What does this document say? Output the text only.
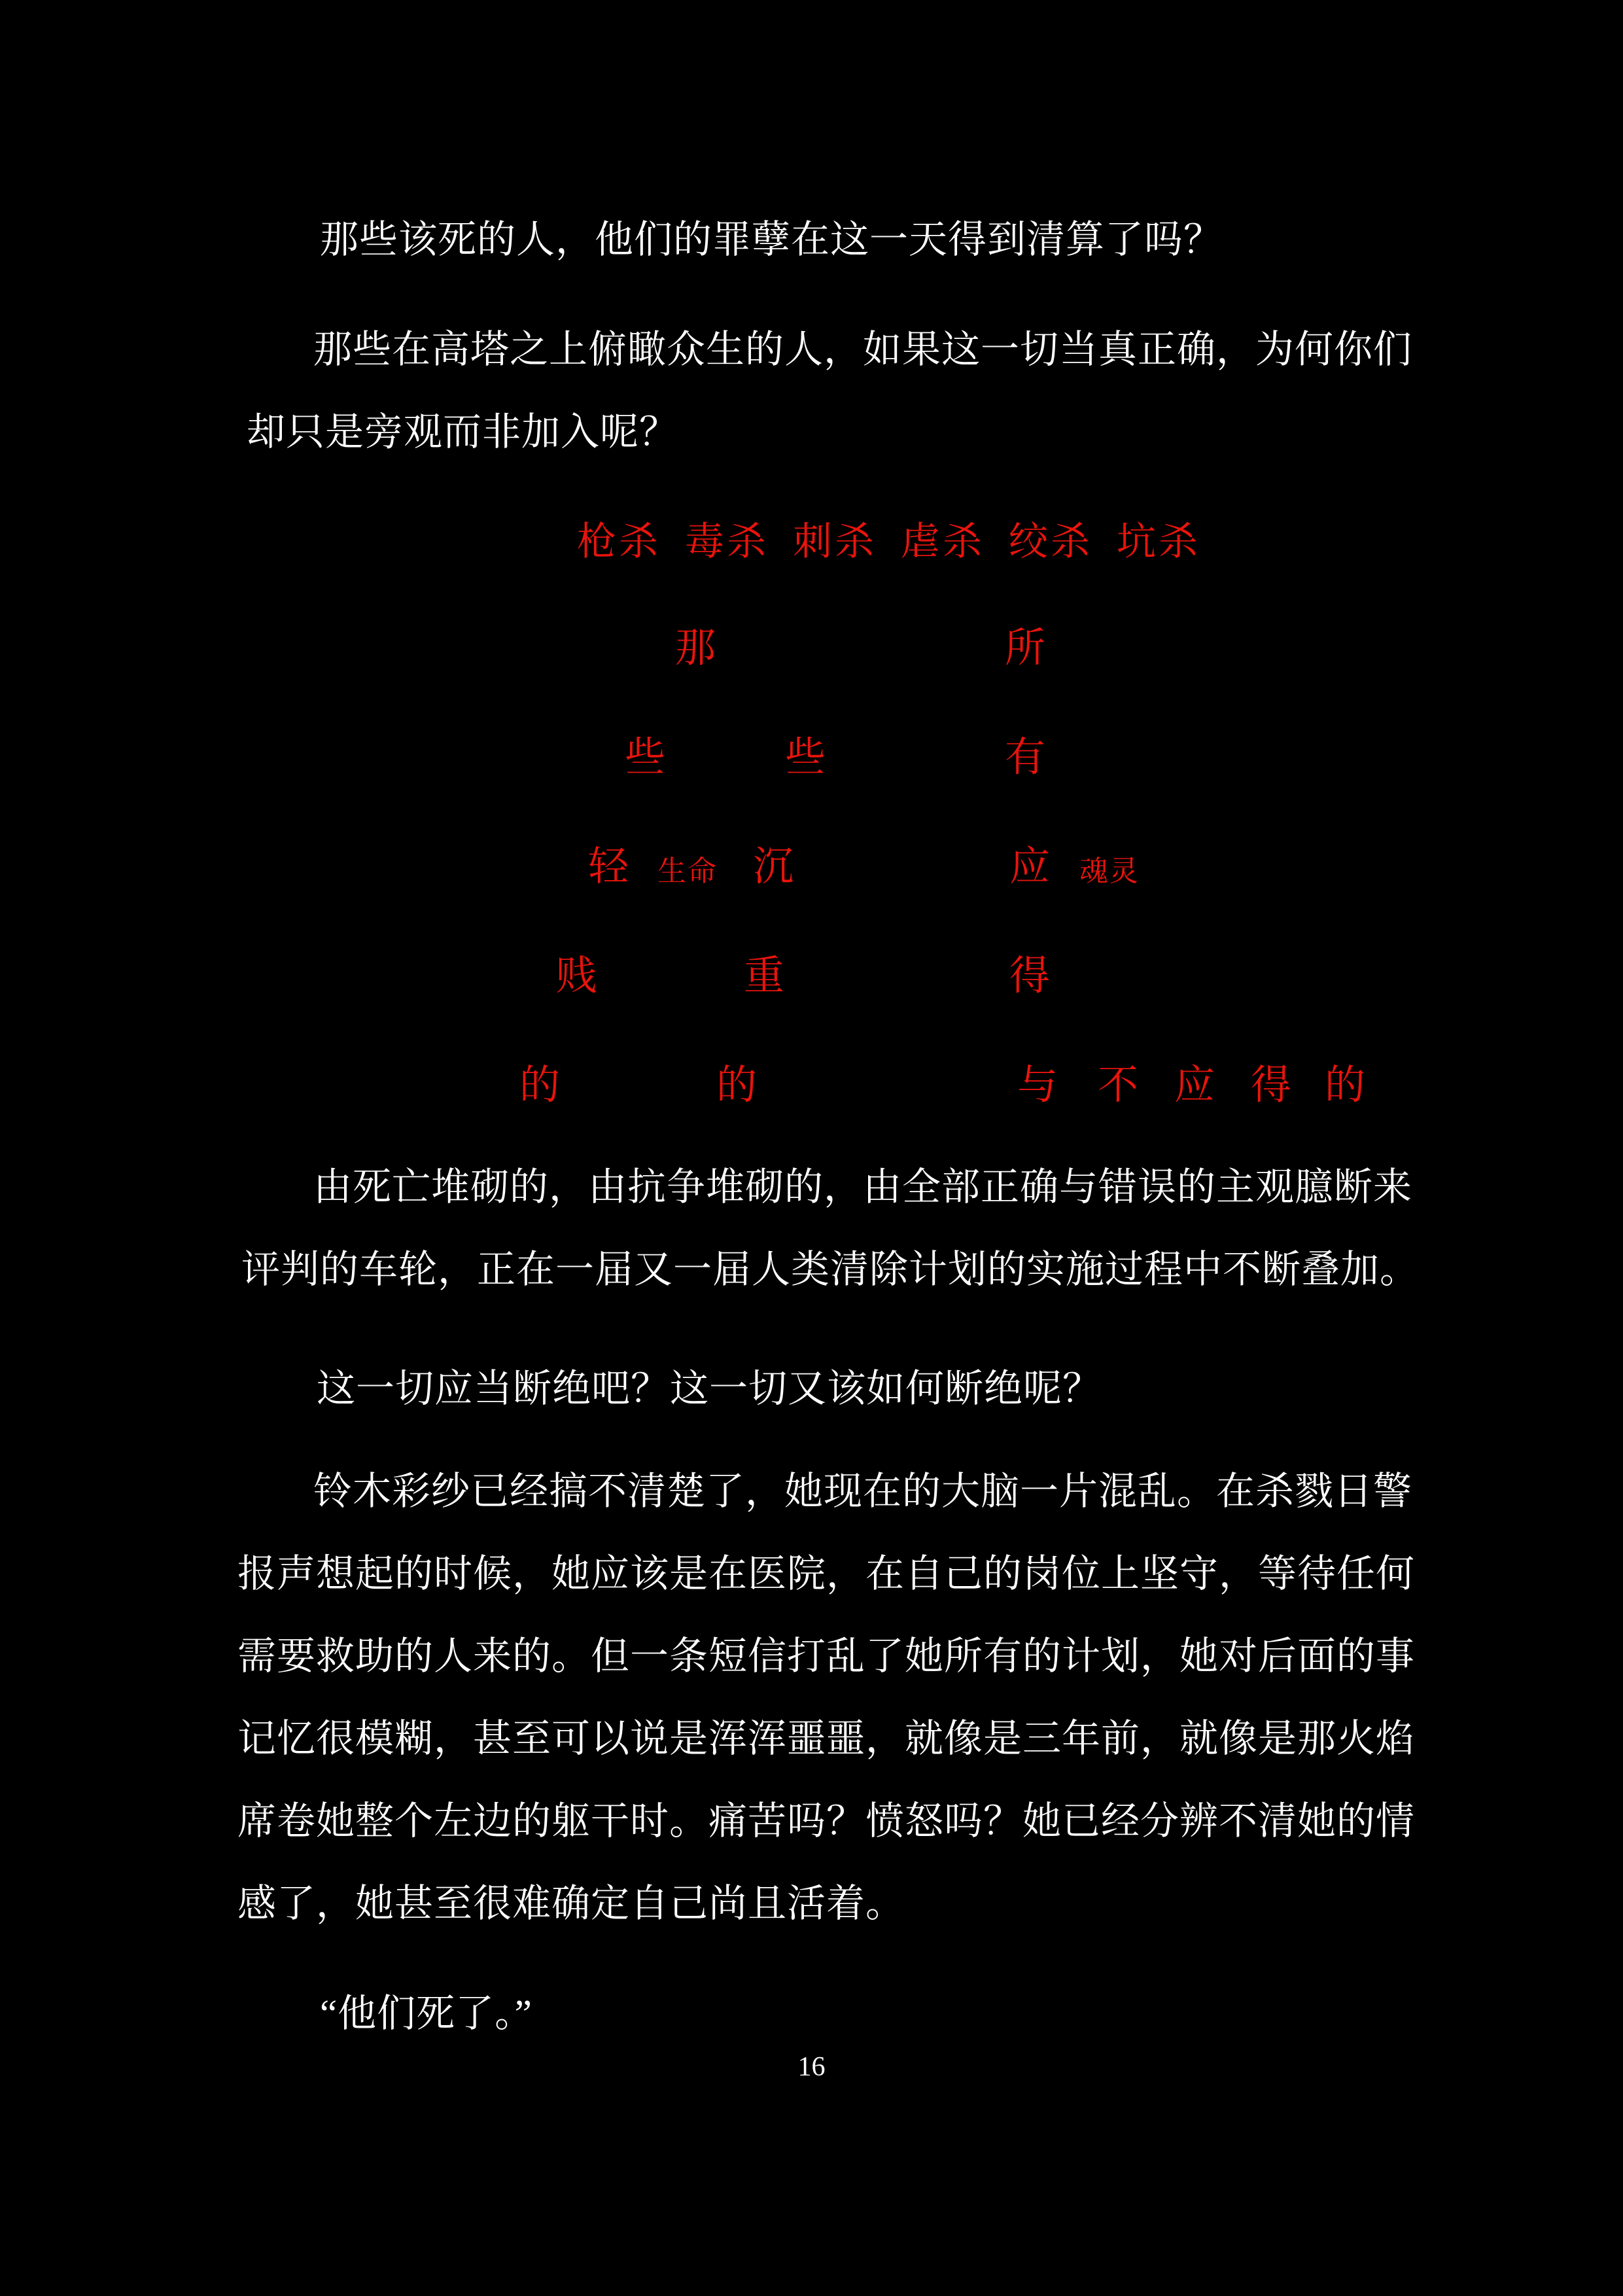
那些该死的人，他们的罪孽在这一天得到清算了吗？

那些在高塔之上俯瞰众生的人，如果这一切当真正确，为何你们

却只是旁观而非加入呢？

枪杀 毒杀 刺杀 虐杀 绞杀 坑杀

那	所
些	些	有
轻 生命 沉	应 魂灵
贱	重	得
的	的	与 不 应 得 的

由死亡堆砌的，由抗争堆砌的，由全部正确与错误的主观臆断来

评判的车轮，正在一届又一届人类清除计划的实施过程中不断叠加。

这一切应当断绝吧？这一切又该如何断绝呢？

铃木彩纱已经搞不清楚了，她现在的大脑一片混乱。在杀戮日警

报声想起的时候，她应该是在医院，在自己的岗位上坚守，等待任何

需要救助的人来的。但一条短信打乱了她所有的计划，她对后面的事

记忆很模糊，甚至可以说是浑浑噩噩，就像是三年前，就像是那火焰

席卷她整个左边的躯干时。痛苦吗？愤怒吗？她已经分辨不清她的情

感了，她甚至很难确定自己尚且活着。

“他们死了。”

16
